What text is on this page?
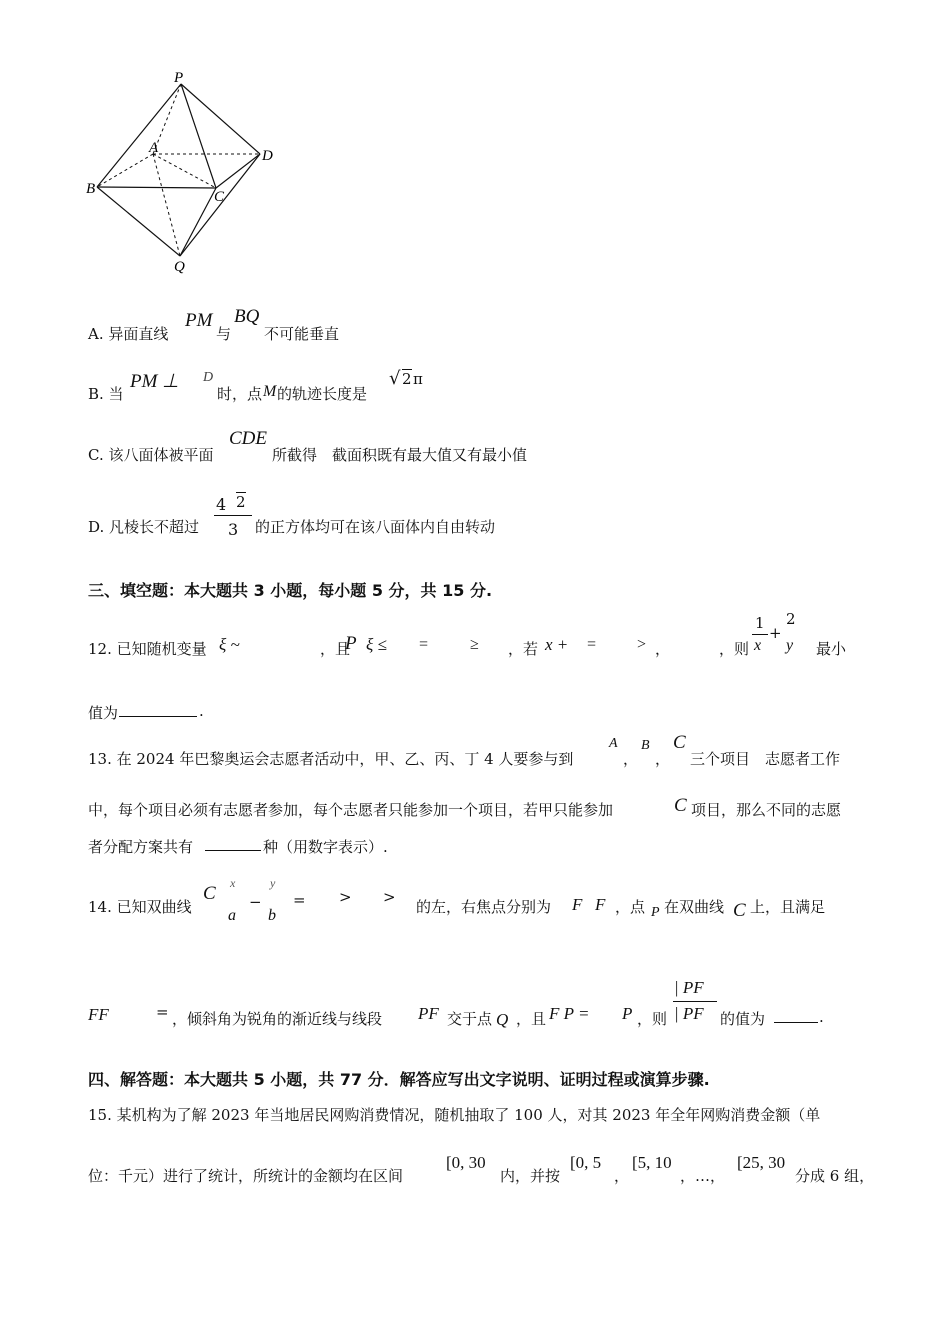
P
A	D
B	C
Q
A. 异面直线
PM
与
BQ
不可能垂直
B. 当
PM ⊥ D
时，点 M 的轨迹长度是
√ 2 π
C. 该八面体被平面
CDE
所截得　截面积既有最大值又有最小值
D. 凡棱长不超过
4 2
3 的正方体均可在该八面体内自由转动
三、填空题：本大题共 3 小题，每小题 5 分，共 15 分.
12. 已知随机变量 ξ ~	，且
P ξ ≤ =	≥ ，若 x + = > ，	，则
1
x
+
2
y 最小
值为	.
13. 在 2024 年巴黎奥运会志愿者活动中，甲、乙、丙、丁 4 人要参与到
A
，
B
，
C
三个项目　志愿者工作
中，每个项目必须有志愿者参加，每个志愿者只能参加一个项目，若甲只能参加	C 项目，那么不同的志愿
者分配方案共有	种（用数字表示）.
14. 已知双曲线
C x
a
−
y
b
= > >
的左，右焦点分别为 F F ，点 P 在双曲线 C 上，且满足
FF	= ，倾斜角为锐角的渐近线与线段 PF 交于点 Q ，且 F P = P ，则
| PF
| PF 的值为	.
四、解答题：本大题共 5 小题，共 77 分．解答应写出文字说明、证明过程或演算步骤.
15. 某机构为了解 2023 年当地居民网购消费情况，随机抽取了 100 人，对其 2023 年全年网购消费金额（单
位：千元）进行了统计，所统计的金额均在区间
[0, 30
内，并按
[0, 5
，
[5, 10
，…，
[25, 30
分成 6 组，
